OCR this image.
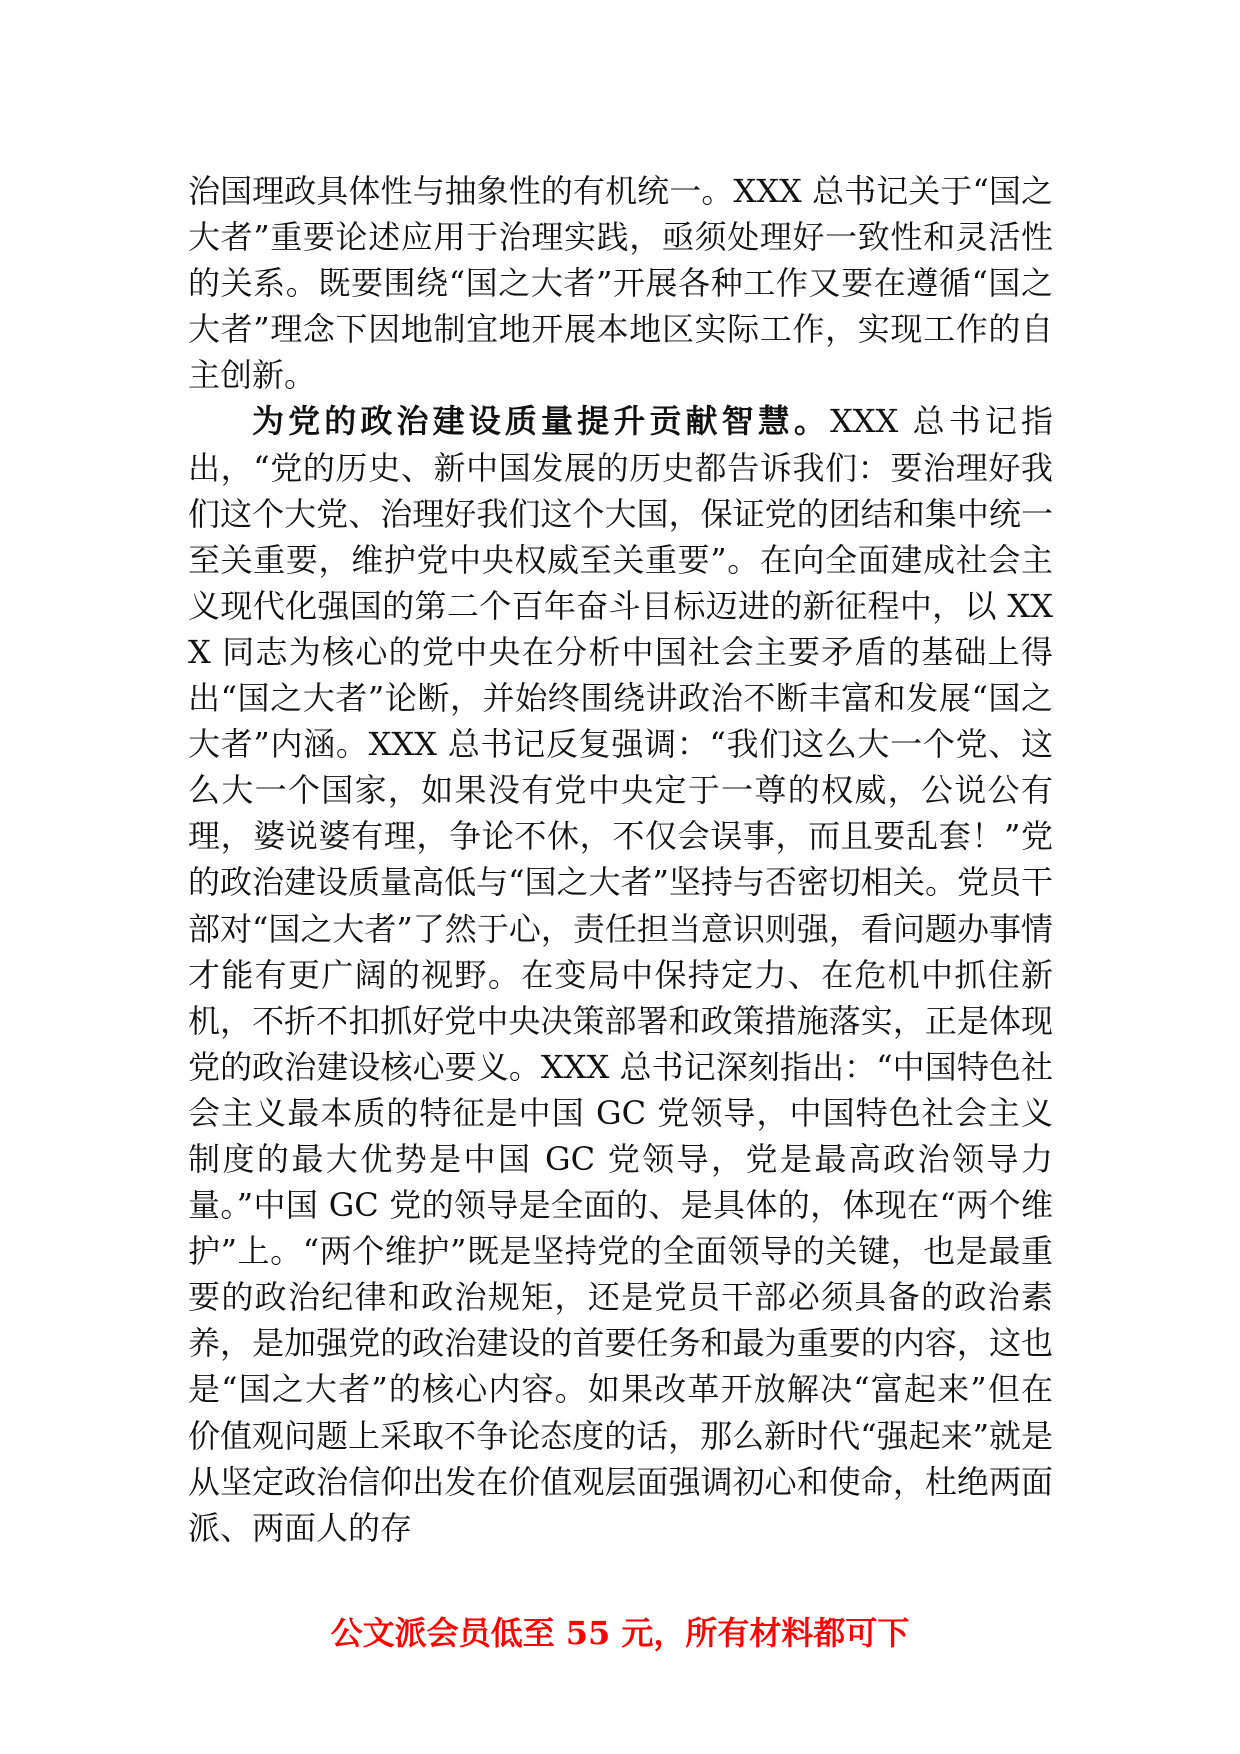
治国理政具体性与抽象性的有机统一。XXX 总书记关于“国之大者”重要论述应用于治理实践，亟须处理好一致性和灵活性的关系。既要围绕“国之大者”开展各种工作又要在遵循“国之大者”理念下因地制宜地开展本地区实际工作，实现工作的自主创新。

为党的政治建设质量提升贡献智慧。XXX 总书记指出，“党的历史、新中国发展的历史都告诉我们：要治理好我们这个大党、治理好我们这个大国，保证党的团结和集中统一至关重要，维护党中央权威至关重要”。在向全面建成社会主义现代化强国的第二个百年奋斗目标迈进的新征程中，以 XXX 同志为核心的党中央在分析中国社会主要矛盾的基础上得出“国之大者”论断，并始终围绕讲政治不断丰富和发展“国之大者”内涵。XXX 总书记反复强调：“我们这么大一个党、这么大一个国家，如果没有党中央定于一尊的权威，公说公有理，婆说婆有理，争论不休，不仅会误事，而且要乱套！”党的政治建设质量高低与“国之大者”坚持与否密切相关。党员干部对“国之大者”了然于心，责任担当意识则强，看问题办事情才能有更广阔的视野。在变局中保持定力、在危机中抓住新机，不折不扣抓好党中央决策部署和政策措施落实，正是体现党的政治建设核心要义。XXX 总书记深刻指出：“中国特色社会主义最本质的特征是中国 GC 党领导，中国特色社会主义制度的最大优势是中国 GC 党领导，党是最高政治领导力量。”中国 GC 党的领导是全面的、是具体的，体现在“两个维护”上。“两个维护”既是坚持党的全面领导的关键，也是最重要的政治纪律和政治规矩，还是党员干部必须具备的政治素养，是加强党的政治建设的首要任务和最为重要的内容，这也是“国之大者”的核心内容。如果改革开放解决“富起来”但在价值观问题上采取不争论态度的话，那么新时代“强起来”就是从坚定政治信仰出发在价值观层面强调初心和使命，杜绝两面派、两面人的存

公文派会员低至 55 元，所有材料都可下
